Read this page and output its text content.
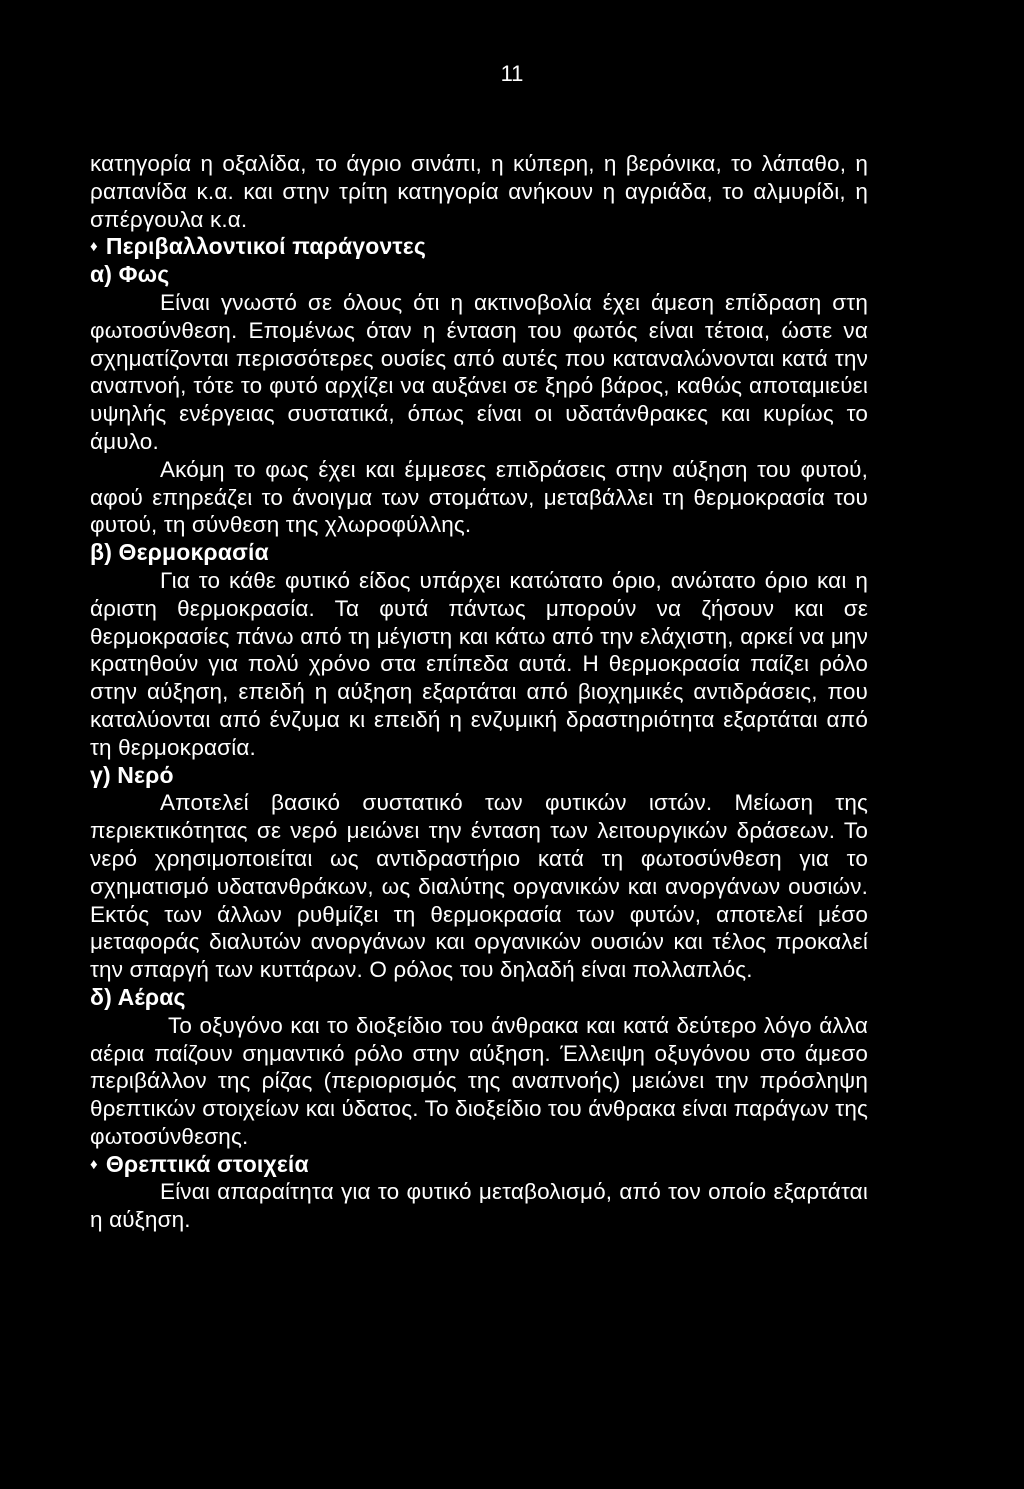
11

κατηγορία η οξαλίδα, το άγριο σινάπι, η κύπερη, η βερόνικα, το λάπαθο, η ραπανίδα κ.α. και στην τρίτη κατηγορία ανήκουν η αγριάδα, το αλμυρίδι, η σπέργουλα κ.α.

♦ Περιβαλλοντικοί παράγοντες

α) Φως

Είναι γνωστό σε όλους ότι η ακτινοβολία έχει άμεση επίδραση στη φωτοσύνθεση. Επομένως όταν η ένταση του φωτός είναι τέτοια, ώστε να σχηματίζονται περισσότερες ουσίες από αυτές που καταναλώνονται κατά την αναπνοή, τότε το φυτό αρχίζει να αυξάνει σε ξηρό βάρος, καθώς αποταμιεύει υψηλής ενέργειας συστατικά, όπως είναι οι υδατάνθρακες και κυρίως το άμυλο.

Ακόμη το φως έχει και έμμεσες επιδράσεις στην αύξηση του φυτού, αφού επηρεάζει το άνοιγμα των στομάτων, μεταβάλλει τη θερμοκρασία του φυτού, τη σύνθεση της χλωροφύλλης.

β) Θερμοκρασία

Για το κάθε φυτικό είδος υπάρχει κατώτατο όριο, ανώτατο όριο και η άριστη θερμοκρασία. Τα φυτά πάντως μπορούν να ζήσουν και σε θερμοκρασίες πάνω από τη μέγιστη και κάτω από την ελάχιστη, αρκεί να μην κρατηθούν για πολύ χρόνο στα επίπεδα αυτά. Η θερμοκρασία παίζει ρόλο στην αύξηση, επειδή η αύξηση εξαρτάται από βιοχημικές αντιδράσεις, που καταλύονται από ένζυμα κι επειδή η ενζυμική δραστηριότητα εξαρτάται από τη θερμοκρασία.

γ) Νερό

Αποτελεί βασικό συστατικό των φυτικών ιστών. Μείωση της περιεκτικότητας σε νερό μειώνει την ένταση των λειτουργικών δράσεων. Το νερό χρησιμοποιείται ως αντιδραστήριο κατά τη φωτοσύνθεση για το σχηματισμό υδατανθράκων, ως διαλύτης οργανικών και ανοργάνων ουσιών. Εκτός των άλλων ρυθμίζει τη θερμοκρασία των φυτών, αποτελεί μέσο μεταφοράς διαλυτών ανοργάνων και οργανικών ουσιών και τέλος προκαλεί την σπαργή των κυττάρων. Ο ρόλος του δηλαδή είναι πολλαπλός.

δ) Αέρας

Το οξυγόνο και το διοξείδιο του άνθρακα και κατά δεύτερο λόγο άλλα αέρια παίζουν σημαντικό ρόλο στην αύξηση. Έλλειψη οξυγόνου στο άμεσο περιβάλλον της ρίζας (περιορισμός της αναπνοής) μειώνει την πρόσληψη θρεπτικών στοιχείων και ύδατος. Το διοξείδιο του άνθρακα είναι παράγων της φωτοσύνθεσης.

♦ Θρεπτικά στοιχεία

Είναι απαραίτητα για το φυτικό μεταβολισμό, από τον οποίο εξαρτάται η αύξηση.
